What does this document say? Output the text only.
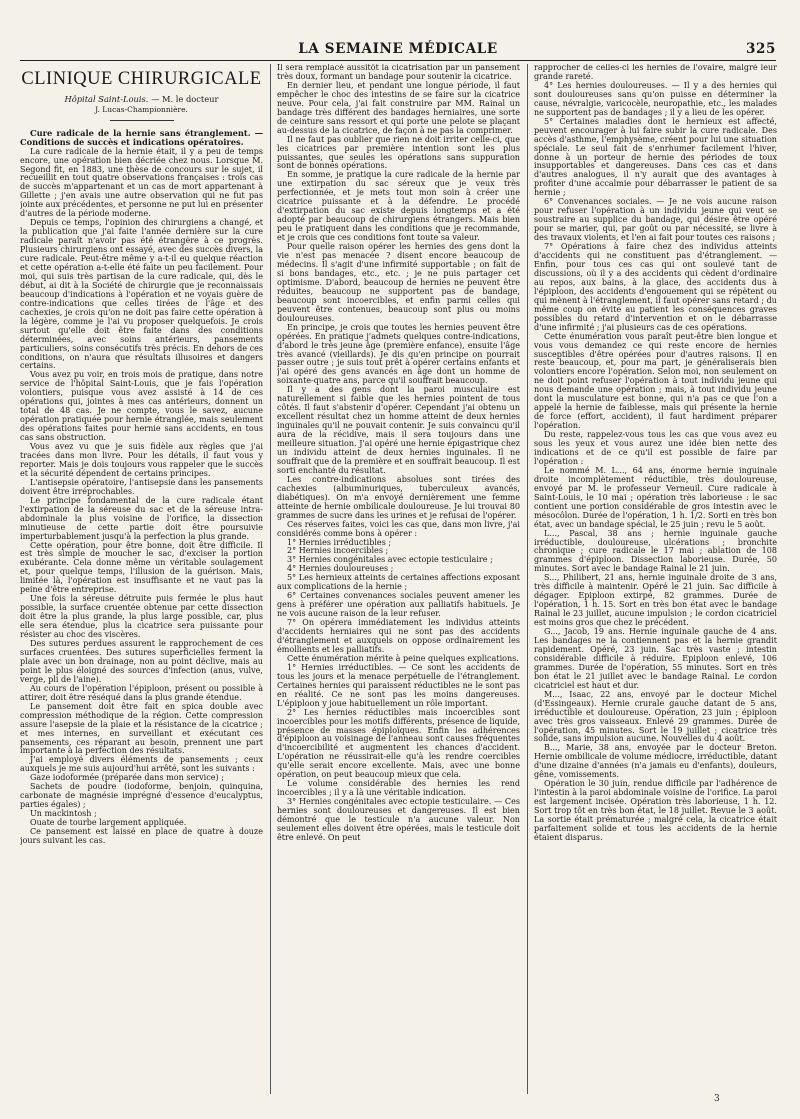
LA SEMAINE MÉDICALE	325
CLINIQUE CHIRURGICALE
Hôpital Saint-Louis. — M. le docteur
J. Lucas-Championnière.

Cure radicale de la hernie sans étranglement. — Conditions de succès et indications opératoires.

La cure radicale de la hernie était, il y a peu de temps encore, une opération bien décriée chez nous. Lorsque M. Segond fit, en 1883, une thèse de concours sur le sujet, il recueillit en tout quatre observations françaises : trois cas de succès m'appartenant et un cas de mort appartenant à Gillette ; j'en avais une autre observation qui ne fut pas jointe aux précédentes, et personne ne put lui en présenter d'autres de la période moderne.

Depuis ce temps, l'opinion des chirurgiens a changé, et la publication que j'ai faite l'année dernière sur la cure radicale paraît n'avoir pas été étrangère à ce progrès. Plusieurs chirurgiens ont essayé, avec des succès divers, la cure radicale. Peut-être même y a-t-il eu quelque réaction et cette opération a-t-elle été faite un peu facilement. Pour moi, qui suis très partisan de la cure radicale, qui, dès le début, ai dit à la Société de chirurgie que je reconnaissais beaucoup d'indications à l'opération et ne voyais guère de contre-indications que celles tirées de l'âge et des cachexies, je crois qu'on ne doit pas faire cette opération à la légère, comme je l'ai vu proposer quelquefois. Je crois surtout qu'elle doit être faite dans des conditions déterminées, avec soins antérieurs, pansements particuliers, soins consécutifs très précis. En dehors de ces conditions, on n'aura que résultats illusoires et dangers certains.

Vous avez pu voir, en trois mois de pratique, dans notre service de l'hôpital Saint-Louis, que je fais l'opération volontiers, puisque vous avez assisté à 14 de ces opérations qui, jointes à mes cas antérieurs, donnent un total de 48 cas. Je ne compte, vous le savez, aucune opération pratiquée pour hernie étranglée, mais seulement des opérations faites pour hernie sans accidents, en tous cas sans obstruction.

Vous avez vu que je suis fidèle aux règles que j'ai tracées dans mon livre. Pour les détails, il faut vous y reporter. Mais je dois toujours vous rappeler que le succès et la sécurité dépendent de certains principes.

L'antisepsie opératoire, l'antisepsie dans les pansements doivent être irréprochables.

Le principe fondamental de la cure radicale étant l'extirpation de la séreuse du sac et de la séreuse intra-abdominale la plus voisine de l'orifice, la dissection minutieuse de cette partie doit être poursuivie imperturbablement jusqu'à la perfection la plus grande.

Cette opération, pour être bonne, doit être difficile. Il est très simple de moucher le sac, d'exciser la portion exubérante. Cela donne même un véritable soulagement et, pour quelque temps, l'illusion de la guérison. Mais, limitée là, l'opération est insuffisante et ne vaut pas la peine d'être entreprise.

Une fois la séreuse détruite puis fermée le plus haut possible, la surface cruentée obtenue par cette dissection doit être la plus grande, la plus large possible, car, plus elle sera étendue, plus la cicatrice sera puissante pour résister au choc des viscères.

Des sutures perdues assurent le rapprochement de ces surfaces cruentées. Des sutures superficielles ferment la plaie avec un bon drainage, non au point déclive, mais au point le plus éloigné des sources d'infection (anus, vulve, verge, pli de l'aine).

Au cours de l'opération l'épiploon, présent ou possible à attirer, doit être réséqué dans la plus grande étendue.

Le pansement doit être fait en spica double avec compression méthodique de la région. Cette compression assure l'asepsie de la plaie et la résistance de la cicatrice ; et mes internes, en surveillant et exécutant ces pansements, ces réparant au besoin, prennent une part importante à la perfection des résultats.

J'ai employé divers éléments de pansements ; ceux auxquels je me suis aujourd'hui arrêté, sont les suivants :

Gaze iodoformée (préparée dans mon service) ;

Sachets de poudre (iodoforme, benjoin, quinquina, carbonate de magnésie imprégné d'essence d'eucalyptus, parties égales) ;

Un mackintosh ;

Ouate de tourbe largement appliquée.

Ce pansement est laissé en place de quatre à douze jours suivant les cas.

Il sera remplacé aussitôt la cicatrisation par un pansement très doux, formant un bandage pour soutenir la cicatrice.

En dernier lieu, et pendant une longue période, il faut empêcher le choc des intestins de se faire sur la cicatrice neuve. Pour cela, j'ai fait construire par MM. Rainal un bandage très différent des bandages herniaires, une sorte de ceinture sans ressort et qui porte une pelote se plaçant au-dessus de la cicatrice, de façon à ne pas la comprimer.

Il ne faut pas oublier que rien ne doit irriter celle-ci, que les cicatrices par première intention sont les plus puissantes, que seules les opérations sans suppuration sont de bonnes opérations.

En somme, je pratique la cure radicale de la hernie par une extirpation du sac séreux que je veux très perfectionnée, et je mets tout mon soin à créer une cicatrice puissante et à la défendre. Le procédé d'extirpation du sac existe depuis longtemps et a été adopté par beaucoup de chirurgiens étrangers. Mais bien peu le pratiquent dans les conditions que je recommande, et je crois que ces conditions font toute sa valeur.

Pour quelle raison opérer les hernies des gens dont la vie n'est pas menacée ? disent encore beaucoup de médecins. Il s'agit d'une infirmité supportable ; on fait de si bons bandages, etc., etc. ; je ne puis partager cet optimisme. D'abord, beaucoup de hernies ne peuvent être réduites, beaucoup ne supportent pas de bandage, beaucoup sont incoercibles, et enfin parmi celles qui peuvent être contenues, beaucoup sont plus ou moins douloureuses.

En principe, je crois que toutes les hernies peuvent être opérées. En pratique j'admets quelques contre-indications, d'abord le très jeune âge (première enfance), ensuite l'âge très avancé (vieillards). Je dis qu'en principe on pourrait passer outre ; je suis tout prêt à opérer certains enfants et j'ai opéré des gens avancés en âge dont un homme de soixante-quatre ans, parce qu'il souffrait beaucoup.

Il y a des gens dont la paroi musculaire est naturellement si faible que les hernies pointent de tous côtés. Il faut s'abstenir d'opérer. Cependant j'ai obtenu un excellent résultat chez un homme atteint de deux hernies inguinales qu'il ne pouvait contenir. Je suis convaincu qu'il aura de la récidive, mais il sera toujours dans une meilleure situation. J'ai opéré une hernie épigastrique chez un individu atteint de deux hernies inguinales. Il ne souffrait que de la première et en souffrait beaucoup. Il est sorti enchanté du résultat.

Les contre-indications absolues sont tirées des cachexies (albuminuriques, tuberculeux avancés, diabétiques). On m'a envoyé dernièrement une femme atteinte de hernie ombilicale douloureuse. Je lui trouvai 80 grammes de sucre dans les urines et je refusai de l'opérer.

Ces réserves faites, voici les cas que, dans mon livre, j'ai considérés comme bons à opérer :

1° Hernies irréductibles ;

2° Hernies incoercibles ;

3° Hernies congénitales avec ectopie testiculaire ;

4° Hernies douloureuses ;

5° Les hernieux atteints de certaines affections exposant aux complications de la hernie ;

6° Certaines convenances sociales peuvent amener les gens à préférer une opération aux palliatifs habituels. Je ne vois aucune raison de la leur refuser.

7° On opérera immédiatement les individus atteints d'accidents herniaires qui ne sont pas des accidents d'étranglement et auxquels on oppose ordinairement les émollients et les palliatifs.

Cette énumération mérite à peine quelques explications.

1° Hernies irréductibles. — Ce sont les accidents de tous les jours et la menace perpétuelle de l'étranglement. Certaines hernies qui paraissent réductibles ne le sont pas en réalité. Ce ne sont pas les moins dangereuses. L'épiploon y joue habituellement un rôle important.

2° Les hernies réductibles mais incoercibles sont incoercibles pour les motifs différents, présence de liquide, présence de masses épiploïques. Enfin les adhérences d'épiploon au voisinage de l'anneau sont causes fréquentes d'incoercibilité et augmentent les chances d'accident. L'opération ne réussirait-elle qu'à les rendre coercibles qu'elle serait encore excellente. Mais, avec une bonne opération, on peut beaucoup mieux que cela.

Le volume considérable des hernies les rend incoercibles ; il y a là une véritable indication.

3° Hernies congénitales avec ectopie testiculaire. — Ces hernies sont douloureuses et dangereuses. Il est bien démontré que le testicule n'a aucune valeur. Non seulement elles doivent être opérées, mais le testicule doit être enlevé. On peut

rapprocher de celles-ci les hernies de l'ovaire, malgré leur grande rareté.

4° Les hernies douloureuses. — Il y a des hernies qui sont douloureuses sans qu'on puisse en déterminer la cause, névralgie, varicocèle, neuropathie, etc., les malades ne supportent pas de bandages ; il y a lieu de les opérer.

5° Certaines maladies dont le hernieux est affecté, peuvent encourager à lui faire subir la cure radicale. Des accès d'asthme, l'emphysème, créent pour lui une situation spéciale. Le seul fait de s'enrhumer facilement l'hiver, donne à un porteur de hernie des périodes de toux insupportables et dangereuses. Dans ces cas et dans d'autres analogues, il n'y aurait que des avantages à profiter d'une accalmie pour débarrasser le patient de sa hernie ;

6° Convenances sociales. — Je ne vois aucune raison pour refuser l'opération à un individu jeune qui veut se soustraire au supplice du bandage, qui désire être opéré pour se marier, qui, par goût ou par nécessité, se livre à des travaux violents, et l'en ai fait pour toutes ces raisons ;

7° Opérations à faire chez des individus atteints d'accidents qui ne constituent pas d'étranglement. — Enfin, pour tous ces cas qui ont soulevé tant de discussions, où il y a des accidents qui cèdent d'ordinaire au repos, aux bains, à la glace, des accidents dus à l'épiploon, des accidents d'engouement qui se répètent ou qui mènent à l'étranglement, il faut opérer sans retard ; du même coup on évite au patient les conséquences graves possibles du retard d'intervention et on le débarrasse d'une infirmité ; j'ai plusieurs cas de ces opérations.

Cette énumération vous paraît peut-être bien longue et vous vous demandez ce qui reste encore de hernies susceptibles d'être opérées pour d'autres raisons. Il en reste beaucoup, et, pour ma part, je généraliserais bien volontiers encore l'opération. Selon moi, non seulement on ne doit point refuser l'opération à tout individu jeune qui nous demande une opération ; mais, à tout individu jeune dont la musculature est bonne, qui n'a pas ce que l'on a appelé la hernie de faiblesse, mais qui présente la hernie de force (effort, accident), il faut hardiment préparer l'opération.

Du reste, rappelez-vous tous les cas que vous avez eu sous les yeux et vous aurez une idée bien nette des indications et de ce qu'il est possible de faire par l'opération :

Le nommé M. L..., 64 ans, énorme hernie inguinale droite incomplètement réductible, très douloureuse, envoyé par M. le professeur Verneuil. Cure radicale à Saint-Louis, le 10 mai ; opération très laborieuse : le sac contient une portion considérable de gros intestin avec le mésocôlon. Durée de l'opération, 1 h. 1/2. Sorti en très bon état, avec un bandage spécial, le 25 juin ; revu le 5 août.

L..., Pascal, 38 ans ; hernie inguinale gauche irréductible, douloureuse, ulcérations ; bronchite chronique ; cure radicale le 17 mai ; ablation de 108 grammes d'épiploon. Dissection laborieuse. Durée, 50 minutes. Sort avec le bandage Rainal le 21 juin.

S..., Philibert, 21 ans, hernie inguinale droite de 3 ans, très difficile à maintenir. Opéré le 21 juin. Sac difficile à dégager. Epiploon extirpé, 82 grammes. Durée de l'opération, 1 h. 15. Sort en très bon état avec le bandage Rainal le 23 juillet, aucune impulsion ; le cordon cicatriciel est moins gros que chez le précédent.

G..., Jacob, 19 ans. Hernie inguinale gauche de 4 ans. Les bandages ne la contiennent pas et la hernie grandit rapidement. Opéré, 23 juin. Sac très vaste ; intestin considérable difficile à réduire. Epiploon enlevé, 106 grammes. Durée de l'opération, 55 minutes. Sort en très bon état le 21 juillet avec le bandage Rainal. Le cordon cicatriciel est haut et dur.

M..., Isaac, 22 ans, envoyé par le docteur Michel (d'Essingeaux). Hernie crurale gauche datant de 5 ans, irréductible et douloureuse. Opération, 23 juin ; épiploon avec très gros vaisseaux. Enlevé 29 grammes. Durée de l'opération, 45 minutes. Sort le 19 juillet ; cicatrice très solide, sans impulsion aucune. Nouvelles du 4 août.

B..., Marie, 38 ans, envoyée par le docteur Breton. Hernie ombilicale de volume médiocre, irréductible, datant d'une dizaine d'années (n'a jamais eu d'enfants), douleurs, gêne, vomissements.

Opération le 30 juin, rendue difficile par l'adhérence de l'intestin à la paroi abdominale voisine de l'orifice. La paroi est largement incisée. Opération très laborieuse, 1 h. 12. Sort trop tôt en très bon état, le 18 juillet. Revue le 3 août. La sortie était prématurée ; malgré cela, la cicatrice était parfaitement solide et tous les accidents de la hernie étaient disparus.

3
